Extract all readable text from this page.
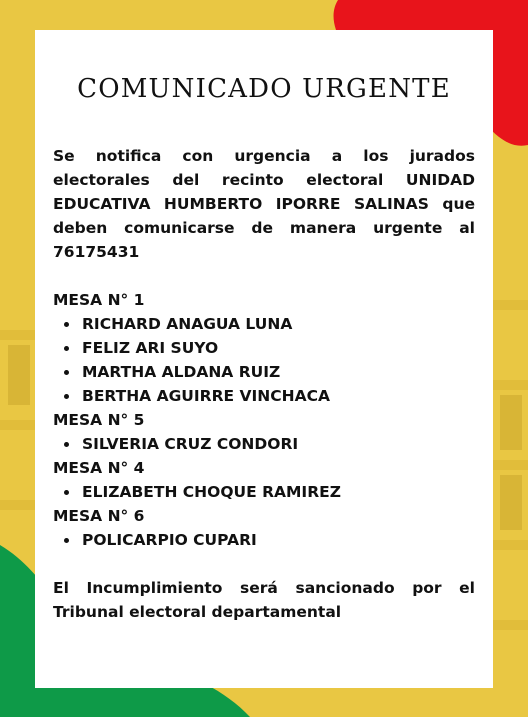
COMUNICADO URGENTE

Se notifica con urgencia a los jurados electorales del recinto electoral UNIDAD EDUCATIVA HUMBERTO IPORRE SALINAS que deben comunicarse de manera urgente al 76175431

MESA N° 1
RICHARD ANAGUA LUNA
FELIZ ARI SUYO
MARTHA ALDANA RUIZ
BERTHA AGUIRRE VINCHACA
MESA N° 5
SILVERIA CRUZ CONDORI
MESA N° 4
ELIZABETH CHOQUE RAMIREZ
MESA N° 6
POLICARPIO CUPARI

El Incumplimiento será sancionado por el Tribunal electoral departamental
